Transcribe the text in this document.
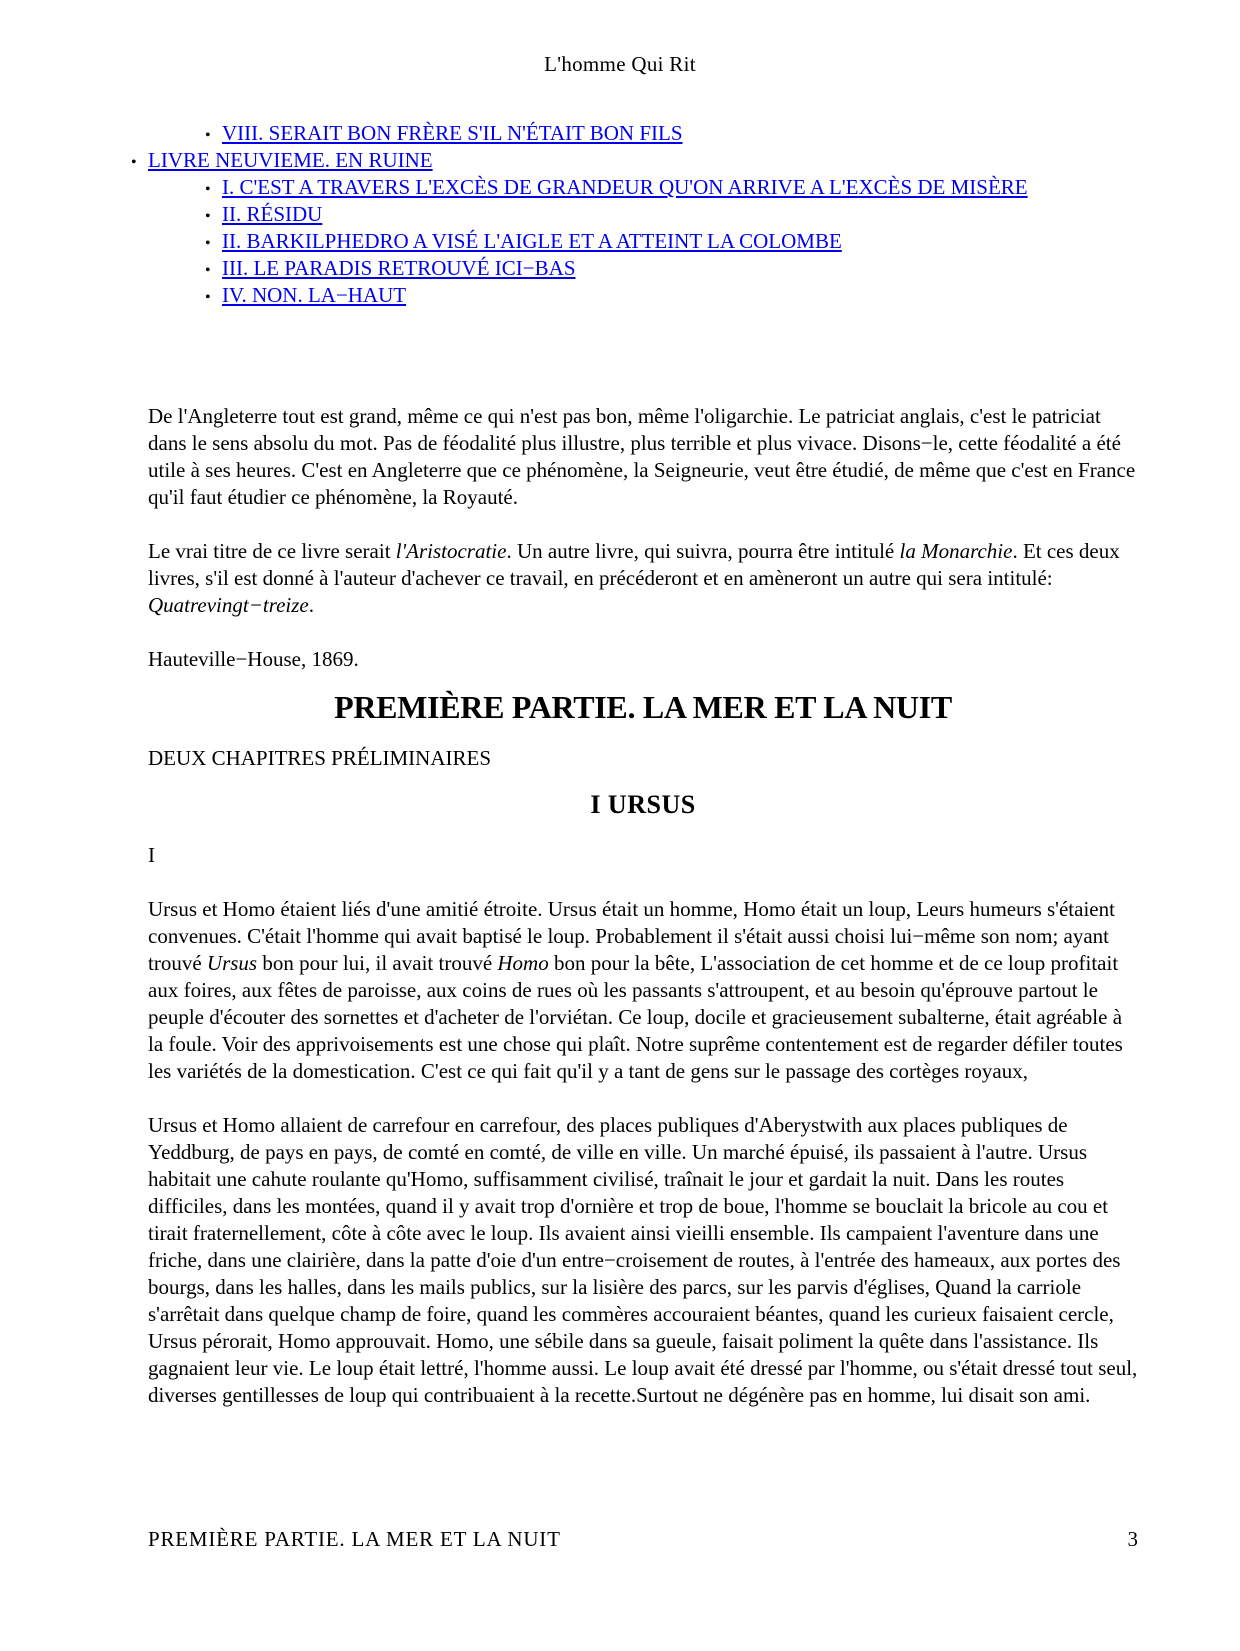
L'homme Qui Rit
• VIII. SERAIT BON FRÈRE S'IL N'ÉTAIT BON FILS
• LIVRE NEUVIEME. EN RUINE
• I. C'EST A TRAVERS L'EXCÈS DE GRANDEUR QU'ON ARRIVE A L'EXCÈS DE MISÈRE
• II. RÉSIDU
• II. BARKILPHEDRO A VISÉ L'AIGLE ET A ATTEINT LA COLOMBE
• III. LE PARADIS RETROUVÉ ICI−BAS
• IV. NON. LA−HAUT

De l'Angleterre tout est grand, même ce qui n'est pas bon, même l'oligarchie. Le patriciat anglais, c'est le patriciat dans le sens absolu du mot. Pas de féodalité plus illustre, plus terrible et plus vivace. Disons−le, cette féodalité a été utile à ses heures. C'est en Angleterre que ce phénomène, la Seigneurie, veut être étudié, de même que c'est en France qu'il faut étudier ce phénomène, la Royauté.

Le vrai titre de ce livre serait l'Aristocratie. Un autre livre, qui suivra, pourra être intitulé la Monarchie. Et ces deux livres, s'il est donné à l'auteur d'achever ce travail, en précéderont et en amèneront un autre qui sera intitulé: Quatrevingt−treize.

Hauteville−House, 1869.

PREMIÈRE PARTIE. LA MER ET LA NUIT

DEUX CHAPITRES PRÉLIMINAIRES

I URSUS

I

Ursus et Homo étaient liés d'une amitié étroite. Ursus était un homme, Homo était un loup, Leurs humeurs s'étaient convenues. C'était l'homme qui avait baptisé le loup. Probablement il s'était aussi choisi lui−même son nom; ayant trouvé Ursus bon pour lui, il avait trouvé Homo bon pour la bête, L'association de cet homme et de ce loup profitait aux foires, aux fêtes de paroisse, aux coins de rues où les passants s'attroupent, et au besoin qu'éprouve partout le peuple d'écouter des sornettes et d'acheter de l'orviétan. Ce loup, docile et gracieusement subalterne, était agréable à la foule. Voir des apprivoisements est une chose qui plaît. Notre suprême contentement est de regarder défiler toutes les variétés de la domestication. C'est ce qui fait qu'il y a tant de gens sur le passage des cortèges royaux,

Ursus et Homo allaient de carrefour en carrefour, des places publiques d'Aberystwith aux places publiques de Yeddburg, de pays en pays, de comté en comté, de ville en ville. Un marché épuisé, ils passaient à l'autre. Ursus habitait une cahute roulante qu'Homo, suffisamment civilisé, traînait le jour et gardait la nuit. Dans les routes difficiles, dans les montées, quand il y avait trop d'ornière et trop de boue, l'homme se bouclait la bricole au cou et tirait fraternellement, côte à côte avec le loup. Ils avaient ainsi vieilli ensemble. Ils campaient l'aventure dans une friche, dans une clairière, dans la patte d'oie d'un entre−croisement de routes, à l'entrée des hameaux, aux portes des bourgs, dans les halles, dans les mails publics, sur la lisière des parcs, sur les parvis d'églises, Quand la carriole s'arrêtait dans quelque champ de foire, quand les commères accouraient béantes, quand les curieux faisaient cercle, Ursus pérorait, Homo approuvait. Homo, une sébile dans sa gueule, faisait poliment la quête dans l'assistance. Ils gagnaient leur vie. Le loup était lettré, l'homme aussi. Le loup avait été dressé par l'homme, ou s'était dressé tout seul, diverses gentillesses de loup qui contribuaient à la recette.Surtout ne dégénère pas en homme, lui disait son ami.

PREMIÈRE PARTIE. LA MER ET LA NUIT	3
